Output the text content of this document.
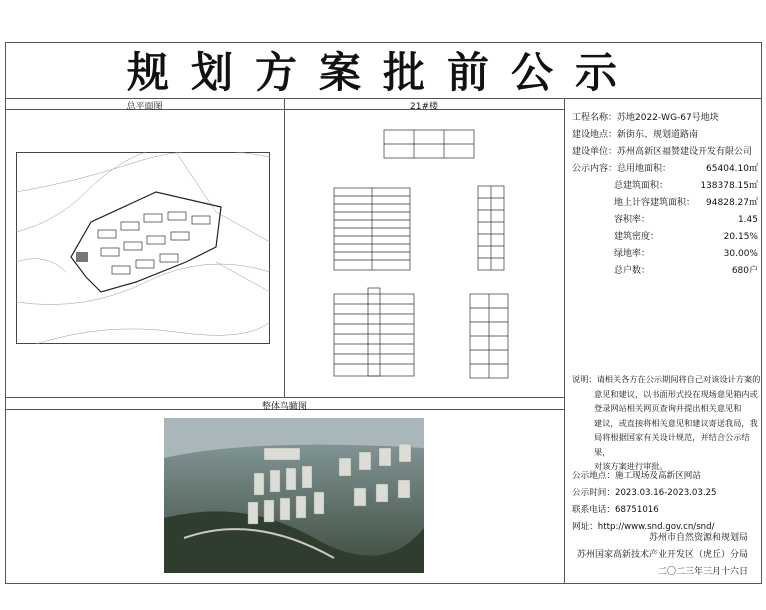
规划方案批前公示
总平面图	21#楼
整体鸟瞰图
工程名称： 苏地2022-WG-67号地块
建设地点： 新街东、规划道路南
建设单位： 苏州高新区福赞建设开发有限公司
公示内容：总用地面积：	65404.10㎡
总建筑面积：	138378.15㎡
地上计容建筑面积： 94828.27㎡
容积率：	1.45
建筑密度：	20.15%
绿地率：	30.00%
总户数：	680户
说明：请相关各方在公示期间将自己对该设计方案的
意见和建议，以书面形式投在现场意见箱内或
登录网站相关网页查询并提出相关意见和
建议，或直接将相关意见和建议寄送我局，我
局将根据国家有关设计规范，并结合公示结果，
对该方案进行审批。
公示地点：施工现场及高新区网站
公示时间：2023.03.16-2023.03.25
联系电话：68751016
网址：http://www.snd.gov.cn/snd/
苏州市自然资源和规划局
苏州国家高新技术产业开发区（虎丘）分局
二〇二三年三月十六日
